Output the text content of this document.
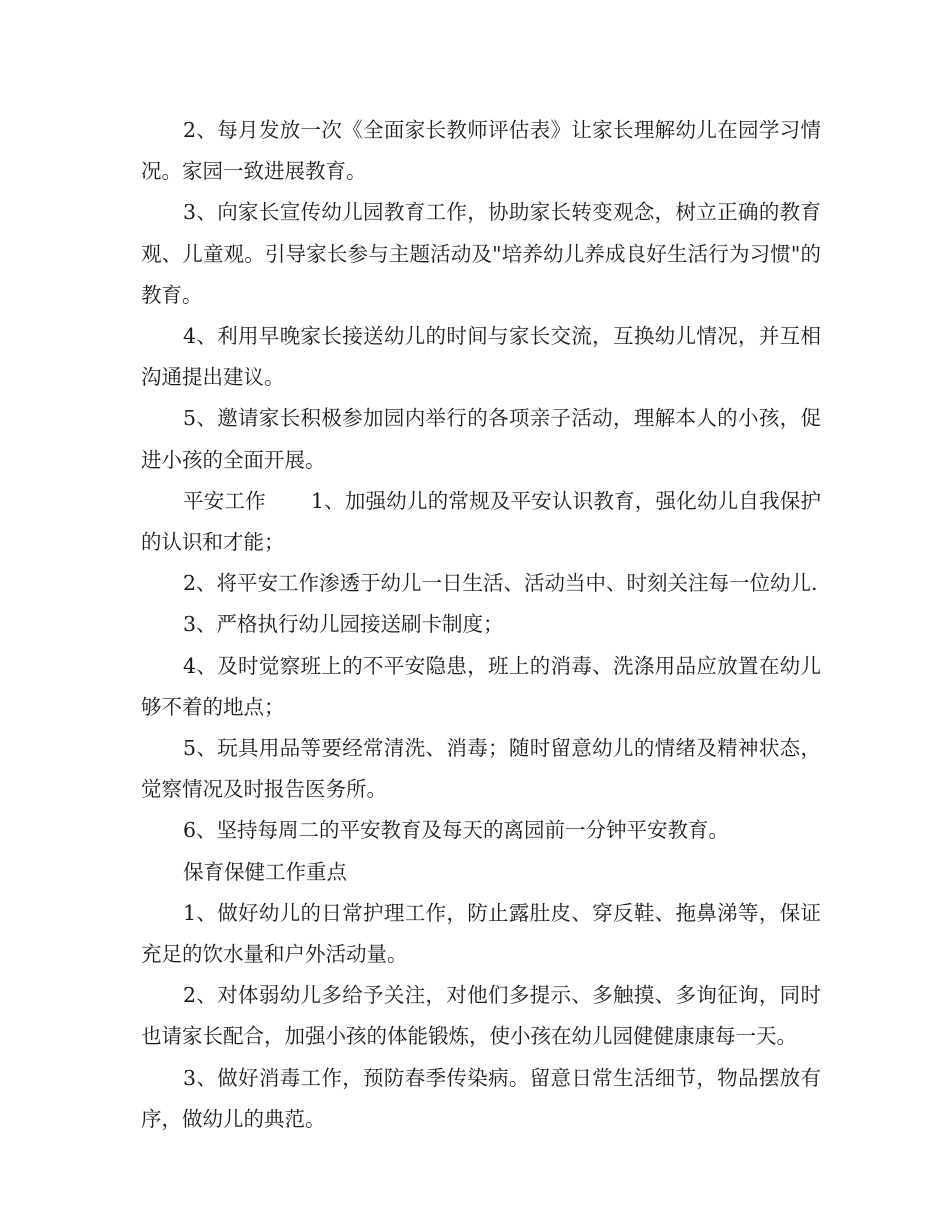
2、每月发放一次《全面家长教师评估表》让家长理解幼儿在园学习情况。家园一致进展教育。

3、向家长宣传幼儿园教育工作，协助家长转变观念，树立正确的教育观、儿童观。引导家长参与主题活动及"培养幼儿养成良好生活行为习惯"的教育。

4、利用早晚家长接送幼儿的时间与家长交流，互换幼儿情况，并互相沟通提出建议。

5、邀请家长积极参加园内举行的各项亲子活动，理解本人的小孩，促进小孩的全面开展。

平安工作 1、加强幼儿的常规及平安认识教育，强化幼儿自我保护的认识和才能；

2、将平安工作渗透于幼儿一日生活、活动当中、时刻关注每一位幼儿.

3、严格执行幼儿园接送刷卡制度；

4、及时觉察班上的不平安隐患，班上的消毒、洗涤用品应放置在幼儿够不着的地点；

5、玩具用品等要经常清洗、消毒；随时留意幼儿的情绪及精神状态，觉察情况及时报告医务所。

6、坚持每周二的平安教育及每天的离园前一分钟平安教育。

保育保健工作重点

1、做好幼儿的日常护理工作，防止露肚皮、穿反鞋、拖鼻涕等，保证充足的饮水量和户外活动量。

2、对体弱幼儿多给予关注，对他们多提示、多触摸、多询征询，同时也请家长配合，加强小孩的体能锻炼，使小孩在幼儿园健健康康每一天。

3、做好消毒工作，预防春季传染病。留意日常生活细节，物品摆放有序，做幼儿的典范。
